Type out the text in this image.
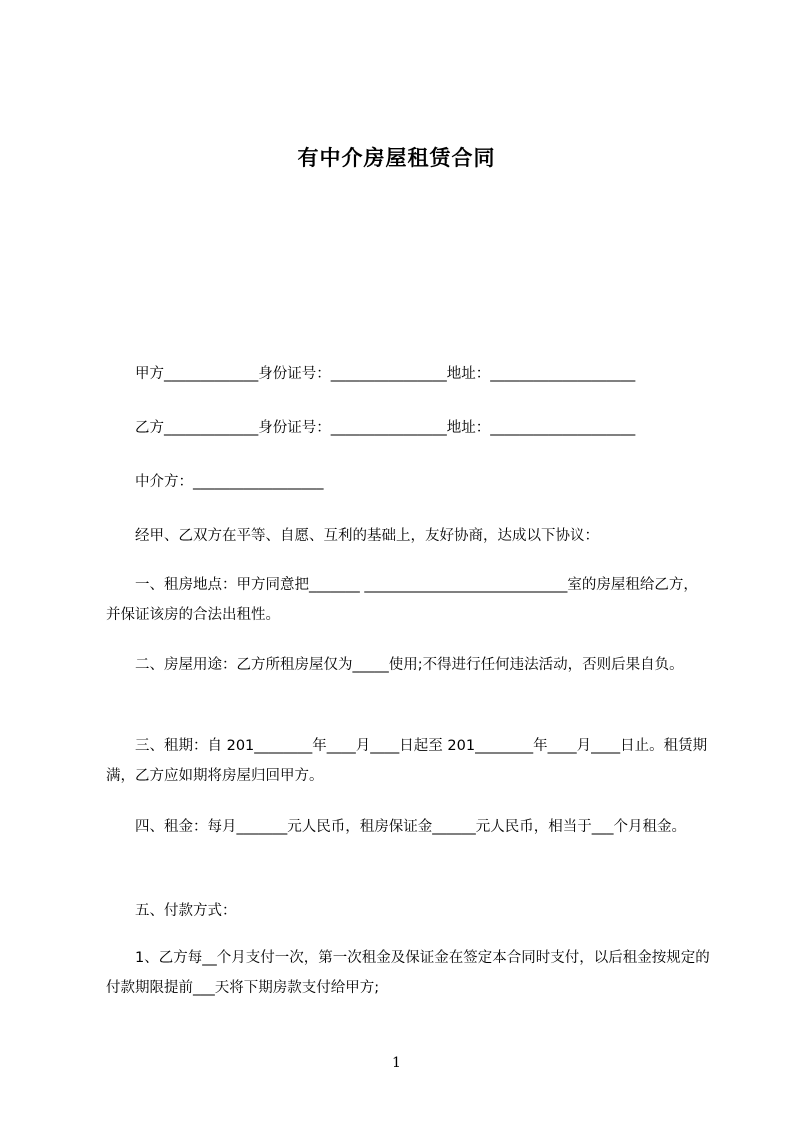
有中介房屋租赁合同
　　甲方_____________身份证号：________________地址：____________________
　　乙方_____________身份证号：________________地址：____________________
　　中介方：__________________
　　经甲、乙双方在平等、自愿、互利的基础上，友好协商，达成以下协议：
　　一、租房地点：甲方同意把_______ ____________________________室的房屋租给乙方，并保证该房的合法出租性。
　　二、房屋用途：乙方所租房屋仅为_____使用;不得进行任何违法活动，否则后果自负。
　　三、租期：自 201________年____月____日起至 201________年____月____日止。租赁期满，乙方应如期将房屋归回甲方。
　　四、租金：每月_______元人民币，租房保证金______元人民币，相当于___个月租金。
　　五、付款方式：
　　1、乙方每__个月支付一次，第一次租金及保证金在签定本合同时支付，以后租金按规定的付款期限提前___天将下期房款支付给甲方;
1
